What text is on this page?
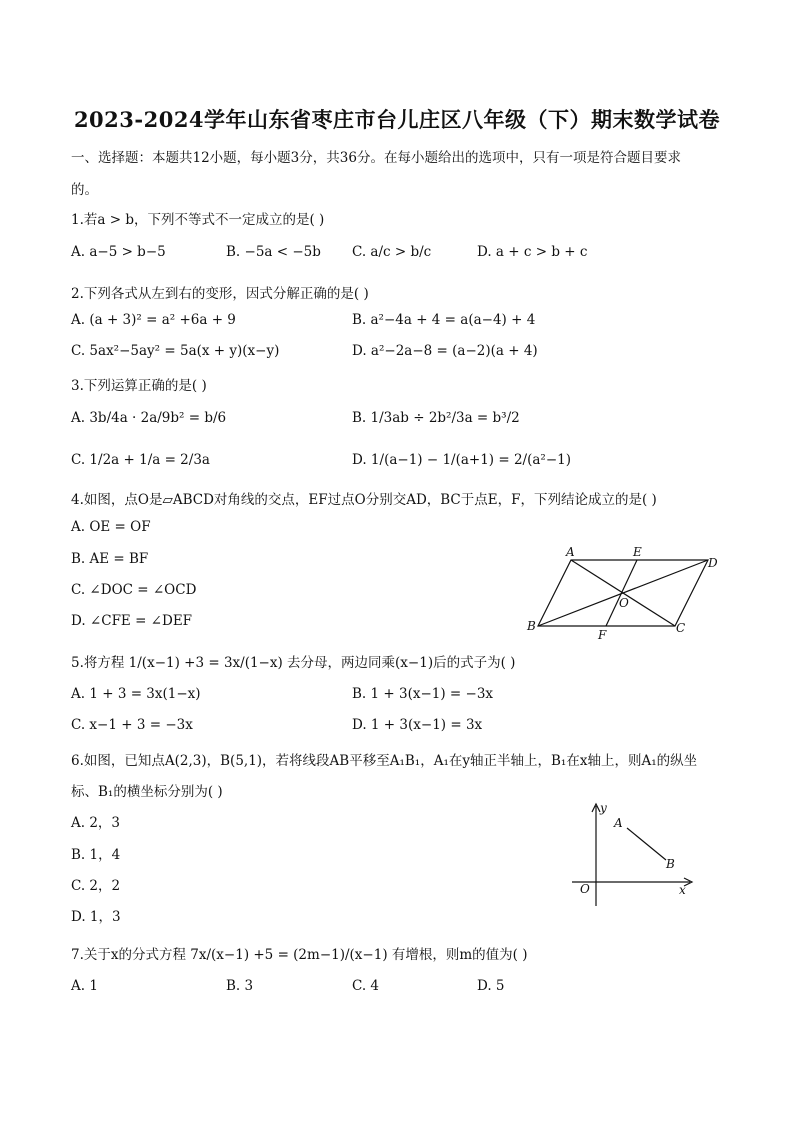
2023-2024学年山东省枣庄市台儿庄区八年级（下）期末数学试卷
一、选择题：本题共12小题，每小题3分，共36分。在每小题给出的选项中，只有一项是符合题目要求
的。
1.若a > b，下列不等式不一定成立的是( )
A. a−5 > b−5	B. −5a < −5b C. a/c > b/c	D. a + c > b + c
2.下列各式从左到右的变形，因式分解正确的是( )
A. (a + 3)² = a² +6a + 9	B. a²−4a + 4 = a(a−4) + 4
C. 5ax²−5ay² = 5a(x + y)(x−y)	D. a²−2a−8 = (a−2)(a + 4)
3.下列运算正确的是( )
A. 3b/4a · 2a/9b² = b/6	B. 1/3ab ÷ 2b²/3a = b³/2
C. 1/2a + 1/a = 2/3a	D. 1/(a−1) − 1/(a+1) = 2/(a²−1)
4.如图，点O是▱ABCD对角线的交点，EF过点O分别交AD，BC于点E，F，下列结论成立的是( )
A. OE = OF
B. AE = BF
C. ∠DOC = ∠OCD
D. ∠CFE = ∠DEF
A	E
D
O
B
F	C
5.将方程 1/(x−1) +3 = 3x/(1−x) 去分母，两边同乘(x−1)后的式子为( )
A. 1 + 3 = 3x(1−x)	B. 1 + 3(x−1) = −3x
C. x−1 + 3 = −3x	D. 1 + 3(x−1) = 3x
6.如图，已知点A(2,3)，B(5,1)，若将线段AB平移至A₁B₁，A₁在y轴正半轴上，B₁在x轴上，则A₁的纵坐
标、B₁的横坐标分别为( )
A. 2，3
B. 1，4
C. 2，2
D. 1，3
y
A
B
O	x
7.关于x的分式方程 7x/(x−1) +5 = (2m−1)/(x−1) 有增根，则m的值为( )
A. 1	B. 3	C. 4	D. 5
